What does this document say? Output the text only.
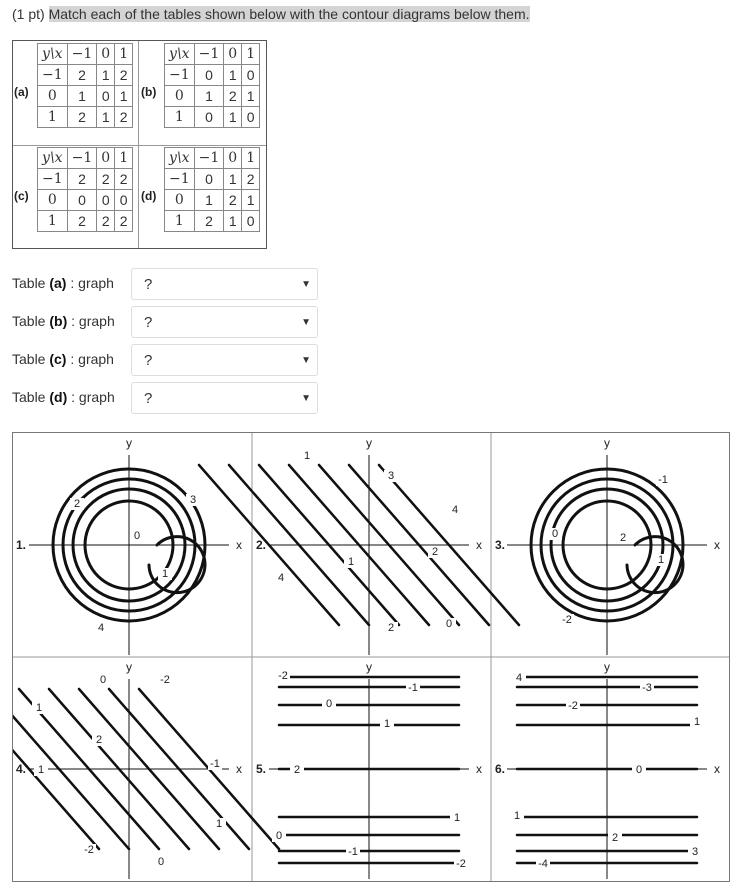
(1 pt) Match each of the tables shown below with the contour diagrams below them.
(a)
y\x	−1	0	1
−1	2	1	2
0	1	0	1
1	2	1	2
(b)
y\x	−1	0	1
−1	0	1	0
0	1	2	1
1	0	1	0
(c)
y\x	−1	0	1
−1	2	2	2
0	0	0	0
1	2	2	2
(d)
y\x	−1	0	1
−1	0	1	2
0	1	2	1
1	2	1	0
Table (a) : graph ?	▼
Table (b) : graph ?	▼
Table (c) : graph ?	▼
Table (d) : graph ?	▼
1.
y
x
0
1
2	3
4
2.
y
x
1
3
4
1
2
4
2	0
3.
y
x
-1
0	2
1
-2
4.
y
x
0	-2
1
2
1	-1
1
-2
0
5.
y
x
-2
-1
0
1
2
1
0
-1
-2
6.
y
x
4
-3
-2
1
0
1
2
-4
3
